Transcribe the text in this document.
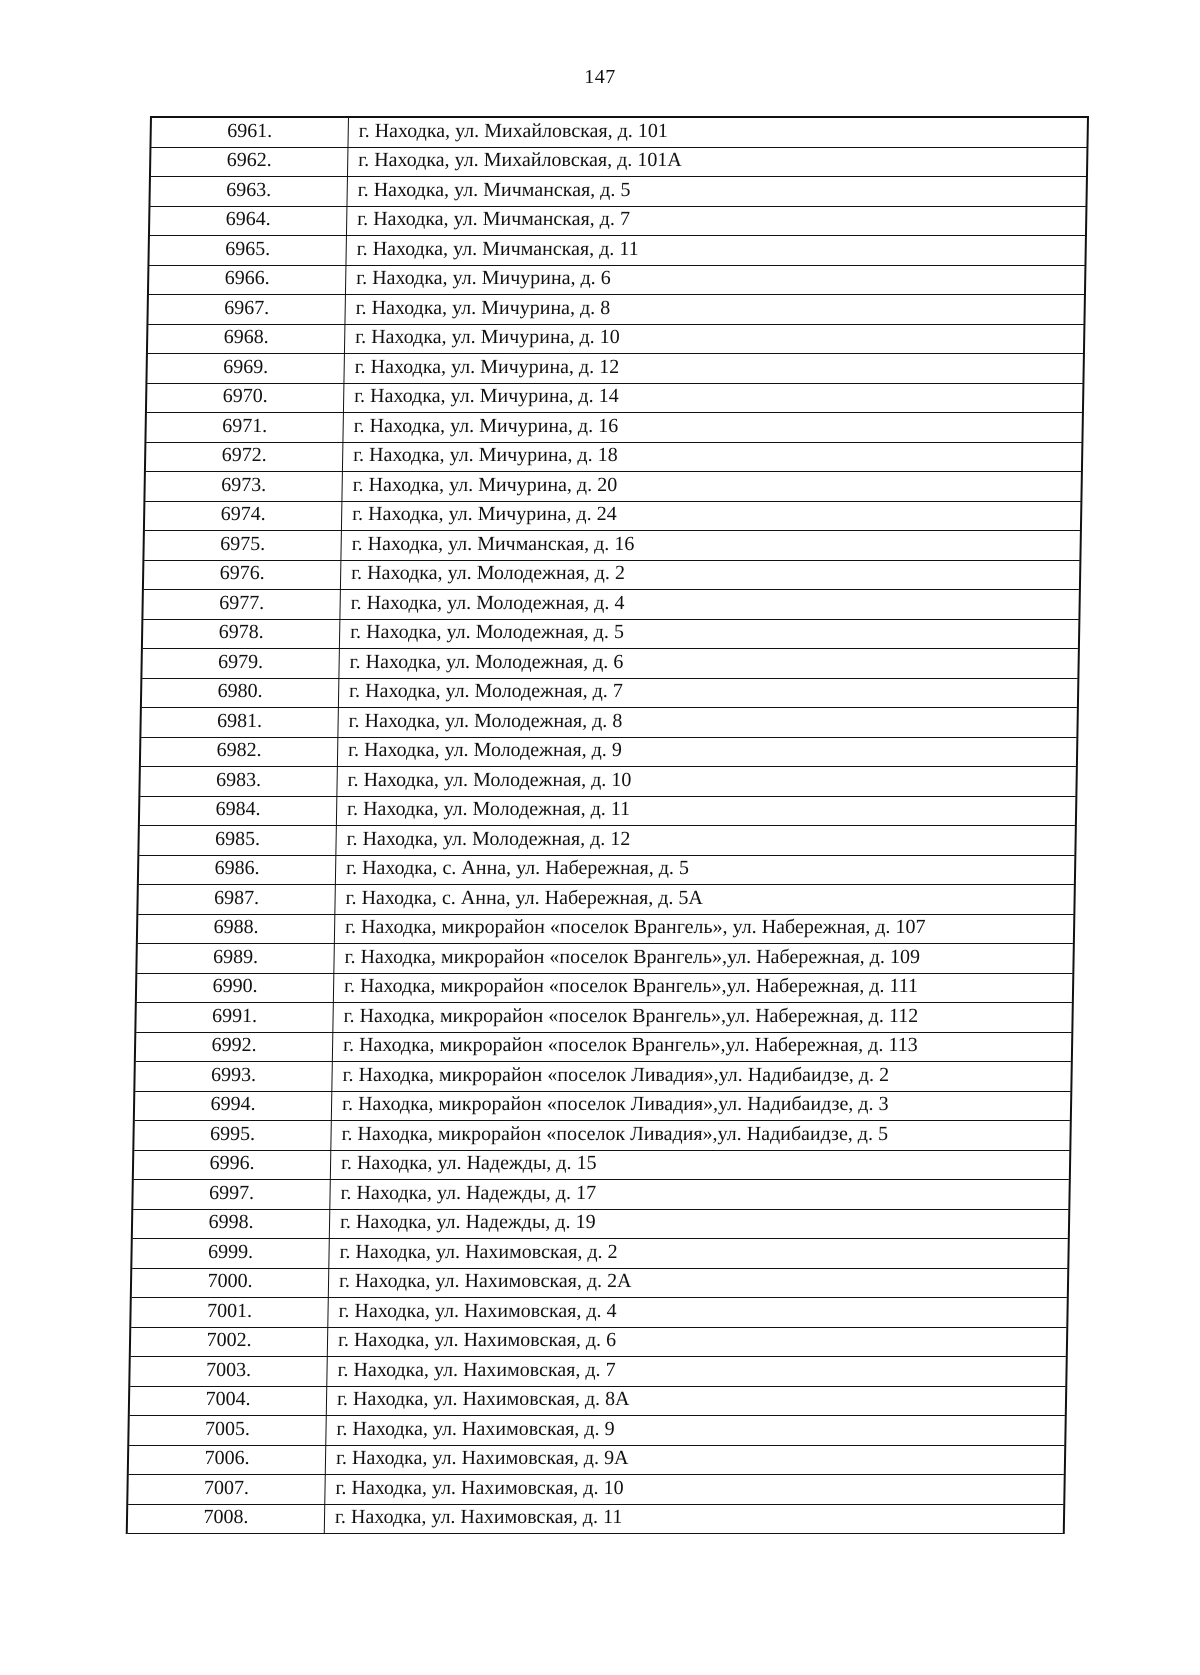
147
6961.	г. Находка, ул. Михайловская, д. 101
6962.	г. Находка, ул. Михайловская, д. 101А
6963.	г. Находка, ул. Мичманская, д. 5
6964.	г. Находка, ул. Мичманская, д. 7
6965.	г. Находка, ул. Мичманская, д. 11
6966.	г. Находка, ул. Мичурина, д. 6
6967.	г. Находка, ул. Мичурина, д. 8
6968.	г. Находка, ул. Мичурина, д. 10
6969.	г. Находка, ул. Мичурина, д. 12
6970.	г. Находка, ул. Мичурина, д. 14
6971.	г. Находка, ул. Мичурина, д. 16
6972.	г. Находка, ул. Мичурина, д. 18
6973.	г. Находка, ул. Мичурина, д. 20
6974.	г. Находка, ул. Мичурина, д. 24
6975.	г. Находка, ул. Мичманская, д. 16
6976.	г. Находка, ул. Молодежная, д. 2
6977.	г. Находка, ул. Молодежная, д. 4
6978.	г. Находка, ул. Молодежная, д. 5
6979.	г. Находка, ул. Молодежная, д. 6
6980.	г. Находка, ул. Молодежная, д. 7
6981.	г. Находка, ул. Молодежная, д. 8
6982.	г. Находка, ул. Молодежная, д. 9
6983.	г. Находка, ул. Молодежная, д. 10
6984.	г. Находка, ул. Молодежная, д. 11
6985.	г. Находка, ул. Молодежная, д. 12
6986.	г. Находка, с. Анна, ул. Набережная, д. 5
6987.	г. Находка, с. Анна, ул. Набережная, д. 5А
6988.	г. Находка, микрорайон «поселок Врангель», ул. Набережная, д. 107
6989.	г. Находка, микрорайон «поселок Врангель»,ул. Набережная, д. 109
6990.	г. Находка, микрорайон «поселок Врангель»,ул. Набережная, д. 111
6991.	г. Находка, микрорайон «поселок Врангель»,ул. Набережная, д. 112
6992.	г. Находка, микрорайон «поселок Врангель»,ул. Набережная, д. 113
6993.	г. Находка, микрорайон «поселок Ливадия»,ул. Надибаидзе, д. 2
6994.	г. Находка, микрорайон «поселок Ливадия»,ул. Надибаидзе, д. 3
6995.	г. Находка, микрорайон «поселок Ливадия»,ул. Надибаидзе, д. 5
6996.	г. Находка, ул. Надежды, д. 15
6997.	г. Находка, ул. Надежды, д. 17
6998.	г. Находка, ул. Надежды, д. 19
6999.	г. Находка, ул. Нахимовская, д. 2
7000.	г. Находка, ул. Нахимовская, д. 2А
7001.	г. Находка, ул. Нахимовская, д. 4
7002.	г. Находка, ул. Нахимовская, д. 6
7003.	г. Находка, ул. Нахимовская, д. 7
7004.	г. Находка, ул. Нахимовская, д. 8А
7005.	г. Находка, ул. Нахимовская, д. 9
7006.	г. Находка, ул. Нахимовская, д. 9А
7007.	г. Находка, ул. Нахимовская, д. 10
7008.	г. Находка, ул. Нахимовская, д. 11
